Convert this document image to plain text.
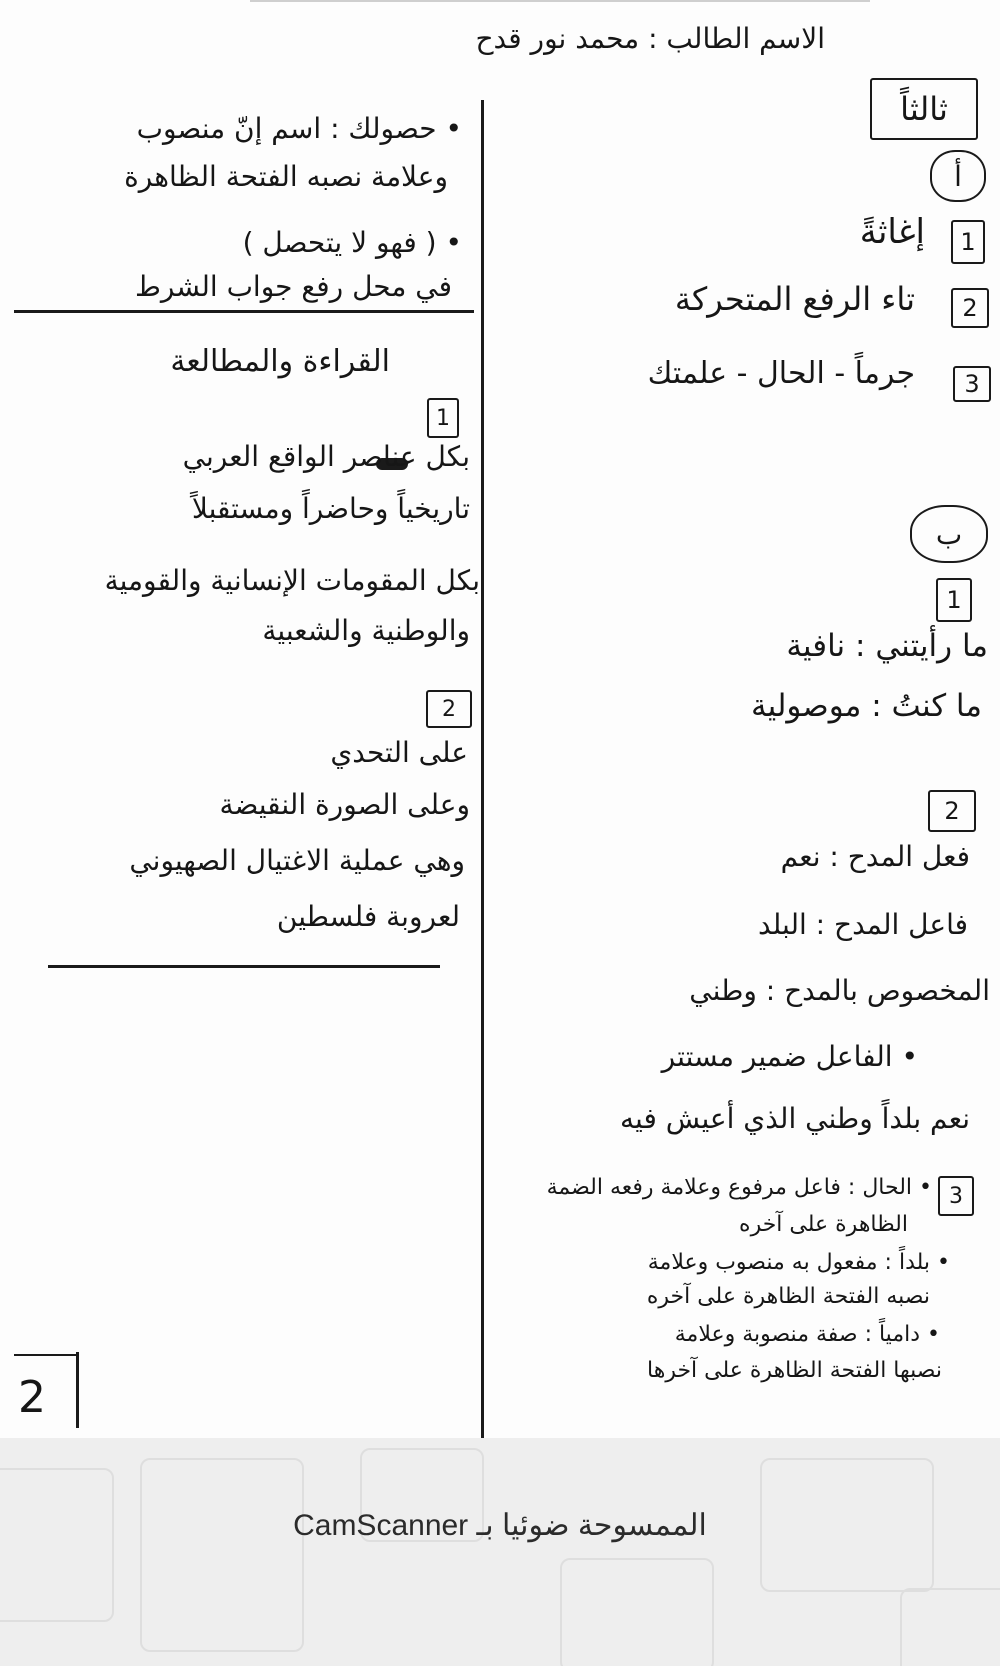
الاسم الطالب : محمد نور قدح
ثالثاً
أ
1
إغاثةً
2
تاء الرفع المتحركة
3
جرماً - الحال - علمتك
ب
1
ما رأيتني : نافية
ما كنتُ : موصولية
2
فعل المدح : نعم
فاعل المدح : البلد
المخصوص بالمدح : وطني
• الفاعل ضمير مستتر
نعم بلداً وطني الذي أعيش فيه
3
• الحال : فاعل مرفوع وعلامة رفعه الضمة
الظاهرة على آخره
• بلداً : مفعول به منصوب وعلامة
نصبه الفتحة الظاهرة على آخره
• دامياً : صفة منصوبة وعلامة
نصبها الفتحة الظاهرة على آخرها
• حصولك : اسم إنّ منصوب
وعلامة نصبه الفتحة الظاهرة
• ( فهو لا يتحصل )
في محل رفع جواب الشرط
القراءة والمطالعة
1
بكل عناصر الواقع العربي
تاريخياً وحاضراً ومستقبلاً
بكل المقومات الإنسانية والقومية
والوطنية والشعبية
2
على التحدي
وعلى الصورة النقيضة
وهي عملية الاغتيال الصهيوني
لعروبة فلسطين
2
الممسوحة ضوئيا بـ CamScanner
